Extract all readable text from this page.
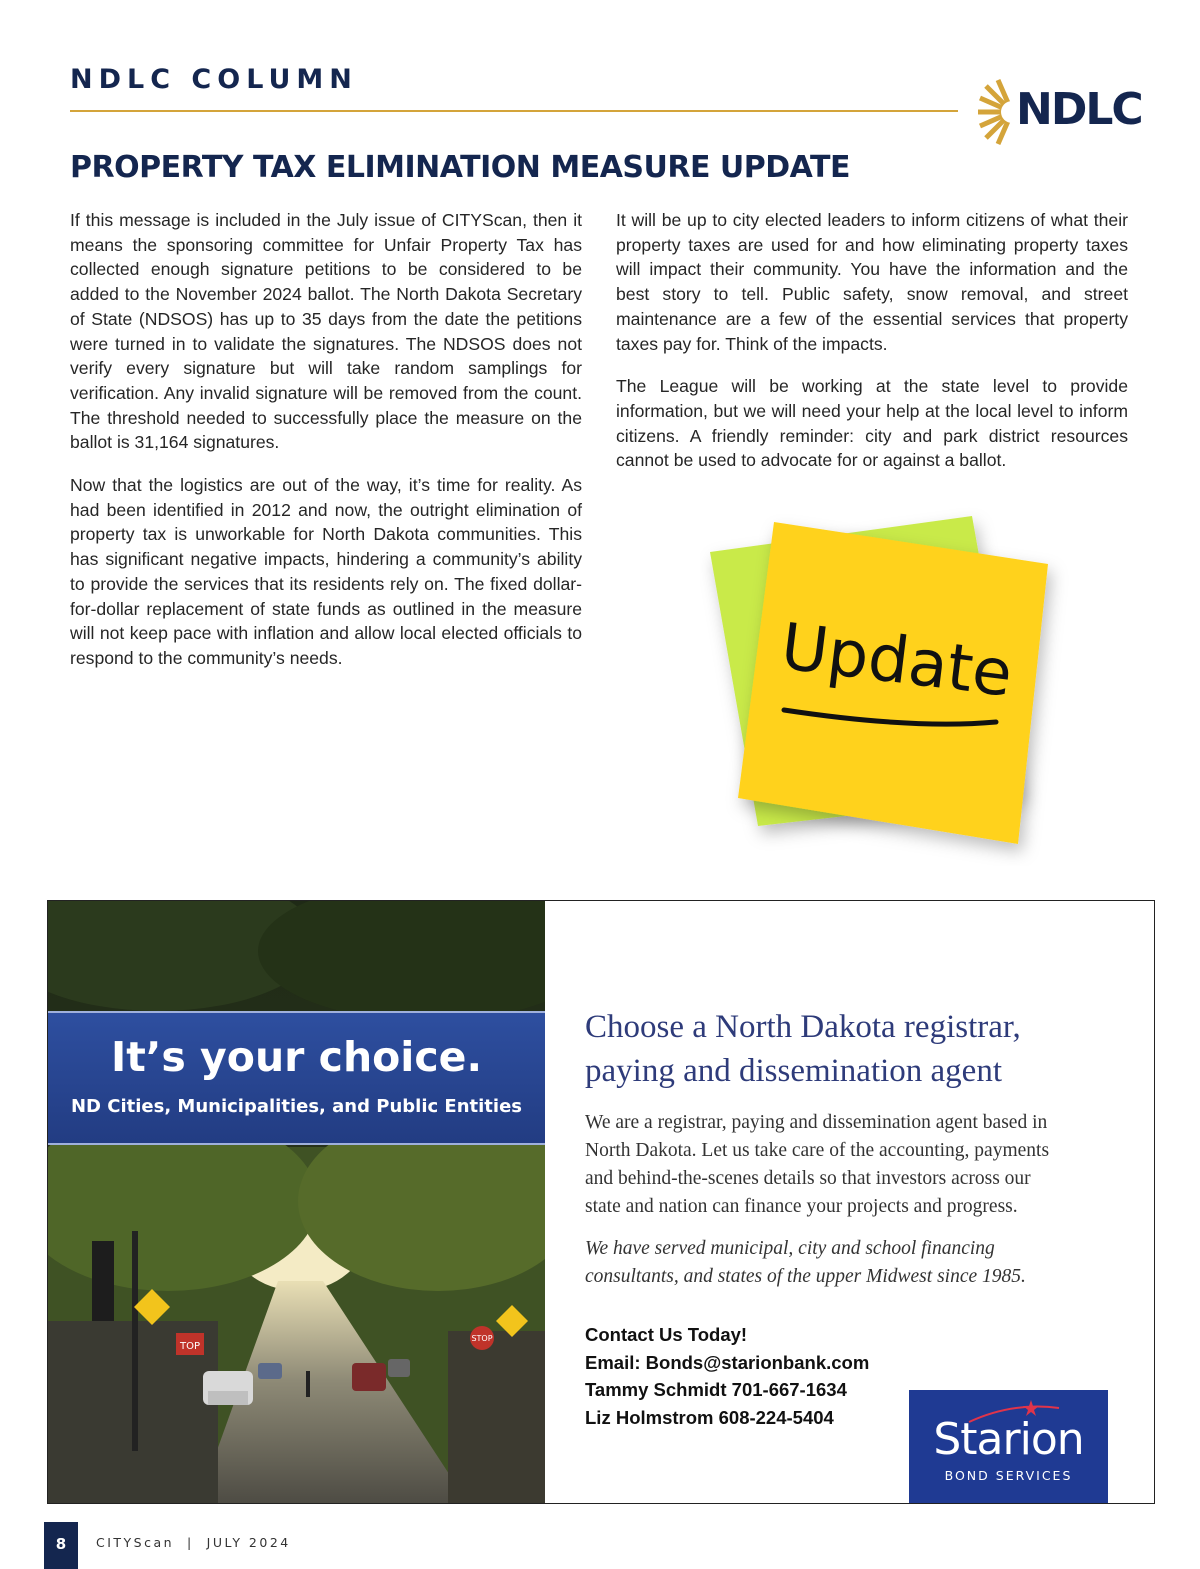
NDLC COLUMN
NDLC
PROPERTY TAX ELIMINATION MEASURE UPDATE

If this message is included in the July issue of CITYScan, then it means the sponsoring committee for Unfair Property Tax has collected enough signature petitions to be considered to be added to the November 2024 ballot. The North Dakota Secretary of State (NDSOS) has up to 35 days from the date the petitions were turned in to validate the signatures. The NDSOS does not verify every signature but will take random samplings for verification. Any invalid signature will be removed from the count. The threshold needed to successfully place the measure on the ballot is 31,164 signatures.

Now that the logistics are out of the way, it’s time for reality. As had been identified in 2012 and now, the outright elimination of property tax is unworkable for North Dakota communities. This has significant negative impacts, hindering a community’s ability to provide the services that its residents rely on. The fixed dollar-for-dollar replacement of state funds as outlined in the measure will not keep pace with inflation and allow local elected officials to respond to the community’s needs.

It will be up to city elected leaders to inform citizens of what their property taxes are used for and how eliminating property taxes will impact their community. You have the information and the best story to tell. Public safety, snow removal, and street maintenance are a few of the essential services that property taxes pay for. Think of the impacts.

The League will be working at the state level to provide information, but we will need your help at the local level to inform citizens. A friendly reminder: city and park district resources cannot be used to advocate for or against a ballot.

Update
TOP
STOP
It’s your choice.
ND Cities, Municipalities, and Public Entities
Choose a North Dakota registrar,
paying and dissemination agent
We are a registrar, paying and dissemination agent based in
North Dakota. Let us take care of the accounting, payments
and behind-the-scenes details so that investors across our
state and nation can finance your projects and progress.
We have served municipal, city and school financing
consultants, and states of the upper Midwest since 1985.
Contact Us Today!
Email: Bonds@starionbank.com
Tammy Schmidt 701-667-1634
Liz Holmstrom 608-224-5404	Starion
BOND SERVICES
8	CITYScan  |  JULY 2024
